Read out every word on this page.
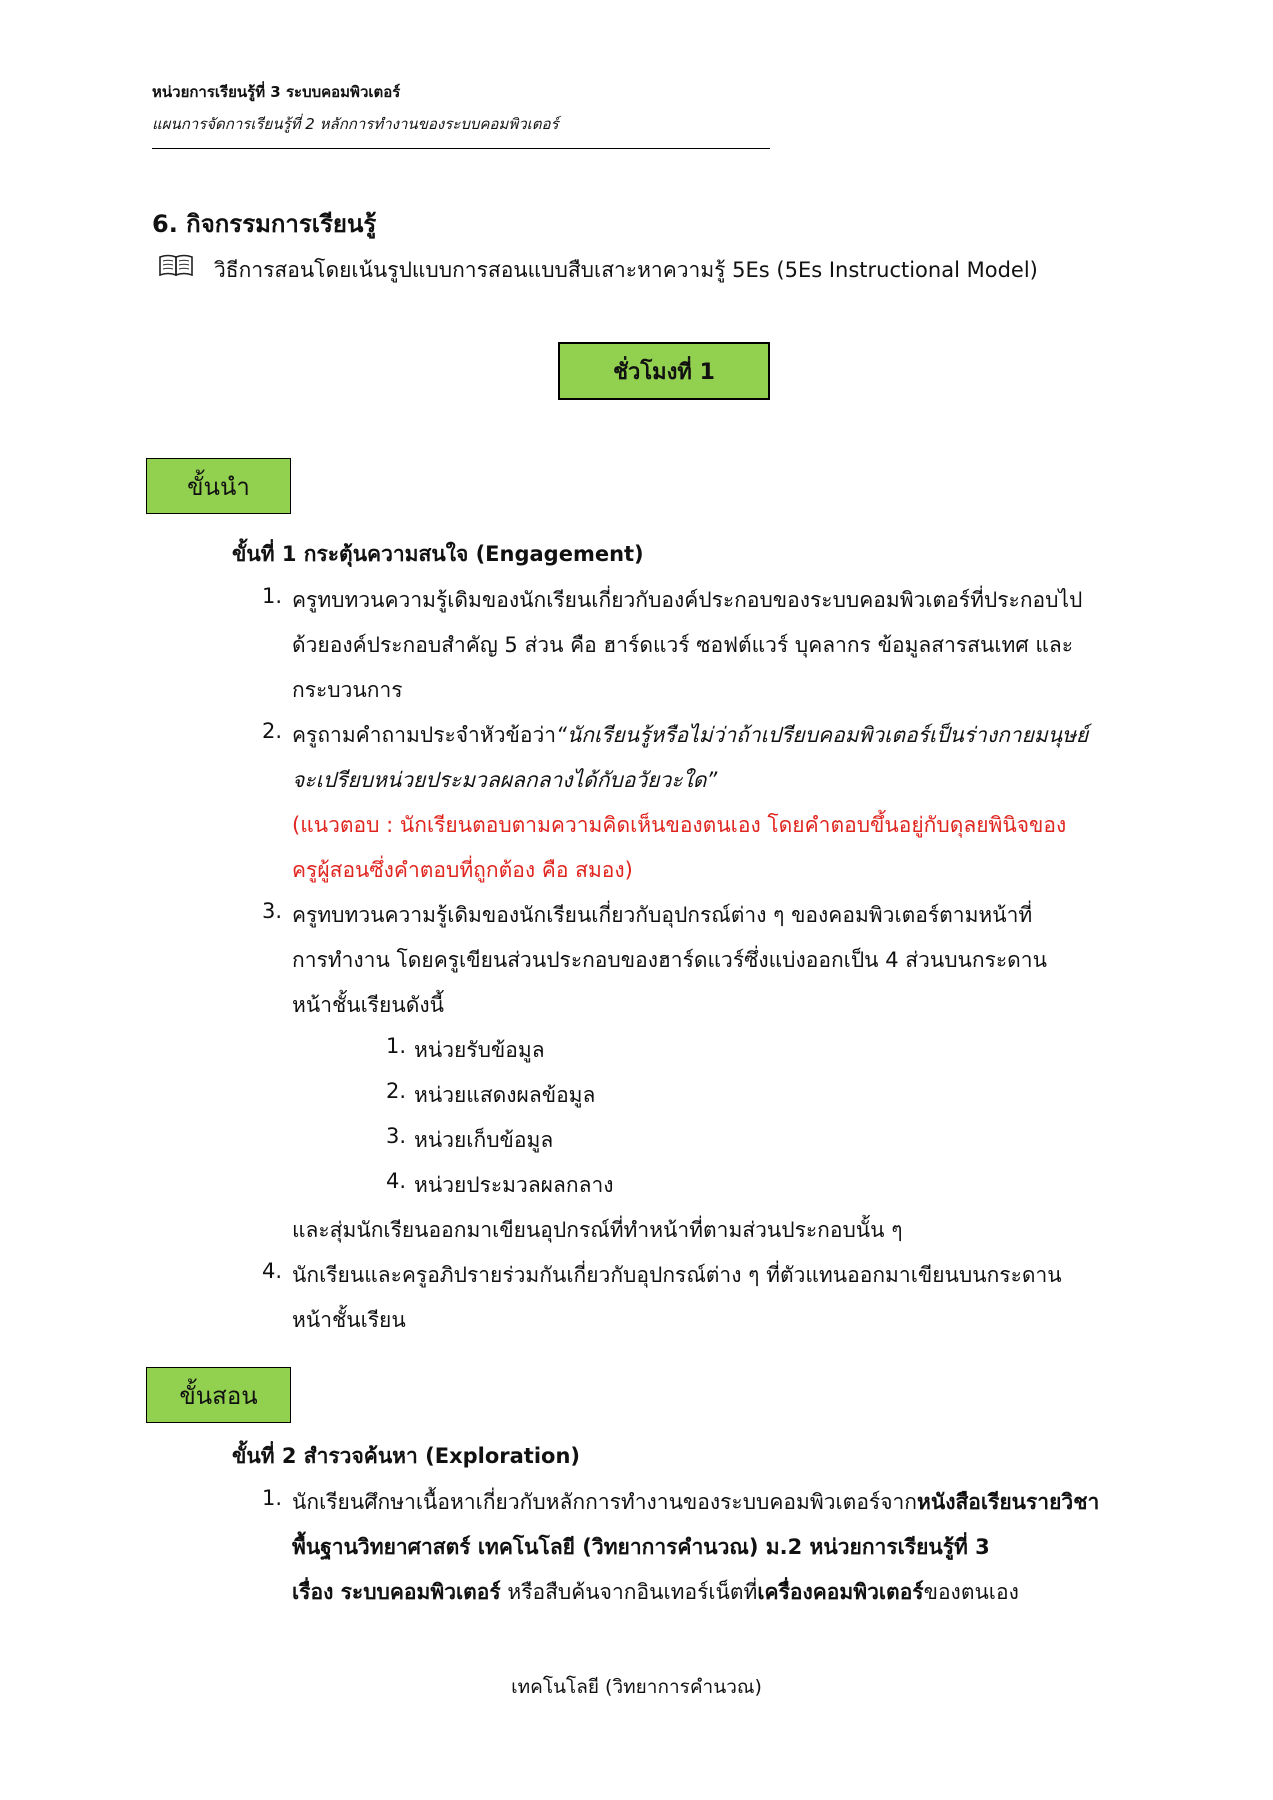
หน่วยการเรียนรู้ที่ 3 ระบบคอมพิวเตอร์
แผนการจัดการเรียนรู้ที่ 2 หลักการทำงานของระบบคอมพิวเตอร์
6. กิจกรรมการเรียนรู้
วิธีการสอนโดยเน้นรูปแบบการสอนแบบสืบเสาะหาความรู้ 5Es (5Es Instructional Model)
ชั่วโมงที่ 1
ขั้นนำ
ขั้นที่ 1 กระตุ้นความสนใจ (Engagement)
1. ครูทบทวนความรู้เดิมของนักเรียนเกี่ยวกับองค์ประกอบของระบบคอมพิวเตอร์ที่ประกอบไป
ด้วยองค์ประกอบสำคัญ 5 ส่วน คือ ฮาร์ดแวร์ ซอฟต์แวร์ บุคลากร ข้อมูลสารสนเทศ และ
กระบวนการ
2. ครูถามคำถามประจำหัวข้อว่า“นักเรียนรู้หรือไม่ว่าถ้าเปรียบคอมพิวเตอร์เป็นร่างกายมนุษย์
จะเปรียบหน่วยประมวลผลกลางได้กับอวัยวะใด”
(แนวตอบ : นักเรียนตอบตามความคิดเห็นของตนเอง โดยคำตอบขึ้นอยู่กับดุลยพินิจของ
ครูผู้สอนซึ่งคำตอบที่ถูกต้อง คือ สมอง)
3. ครูทบทวนความรู้เดิมของนักเรียนเกี่ยวกับอุปกรณ์ต่าง ๆ ของคอมพิวเตอร์ตามหน้าที่
การทำงาน โดยครูเขียนส่วนประกอบของฮาร์ดแวร์ซึ่งแบ่งออกเป็น 4 ส่วนบนกระดาน
หน้าชั้นเรียนดังนี้
1. หน่วยรับข้อมูล
2. หน่วยแสดงผลข้อมูล
3. หน่วยเก็บข้อมูล
4. หน่วยประมวลผลกลาง
และสุ่มนักเรียนออกมาเขียนอุปกรณ์ที่ทำหน้าที่ตามส่วนประกอบนั้น ๆ
4. นักเรียนและครูอภิปรายร่วมกันเกี่ยวกับอุปกรณ์ต่าง ๆ ที่ตัวแทนออกมาเขียนบนกระดาน
หน้าชั้นเรียน
ขั้นสอน
ขั้นที่ 2 สำรวจค้นหา (Exploration)
1. นักเรียนศึกษาเนื้อหาเกี่ยวกับหลักการทำงานของระบบคอมพิวเตอร์จากหนังสือเรียนรายวิชา
พื้นฐานวิทยาศาสตร์ เทคโนโลยี (วิทยาการคำนวณ) ม.2 หน่วยการเรียนรู้ที่ 3
เรื่อง ระบบคอมพิวเตอร์ หรือสืบค้นจากอินเทอร์เน็ตที่เครื่องคอมพิวเตอร์ของตนเอง
เทคโนโลยี (วิทยาการคำนวณ)
